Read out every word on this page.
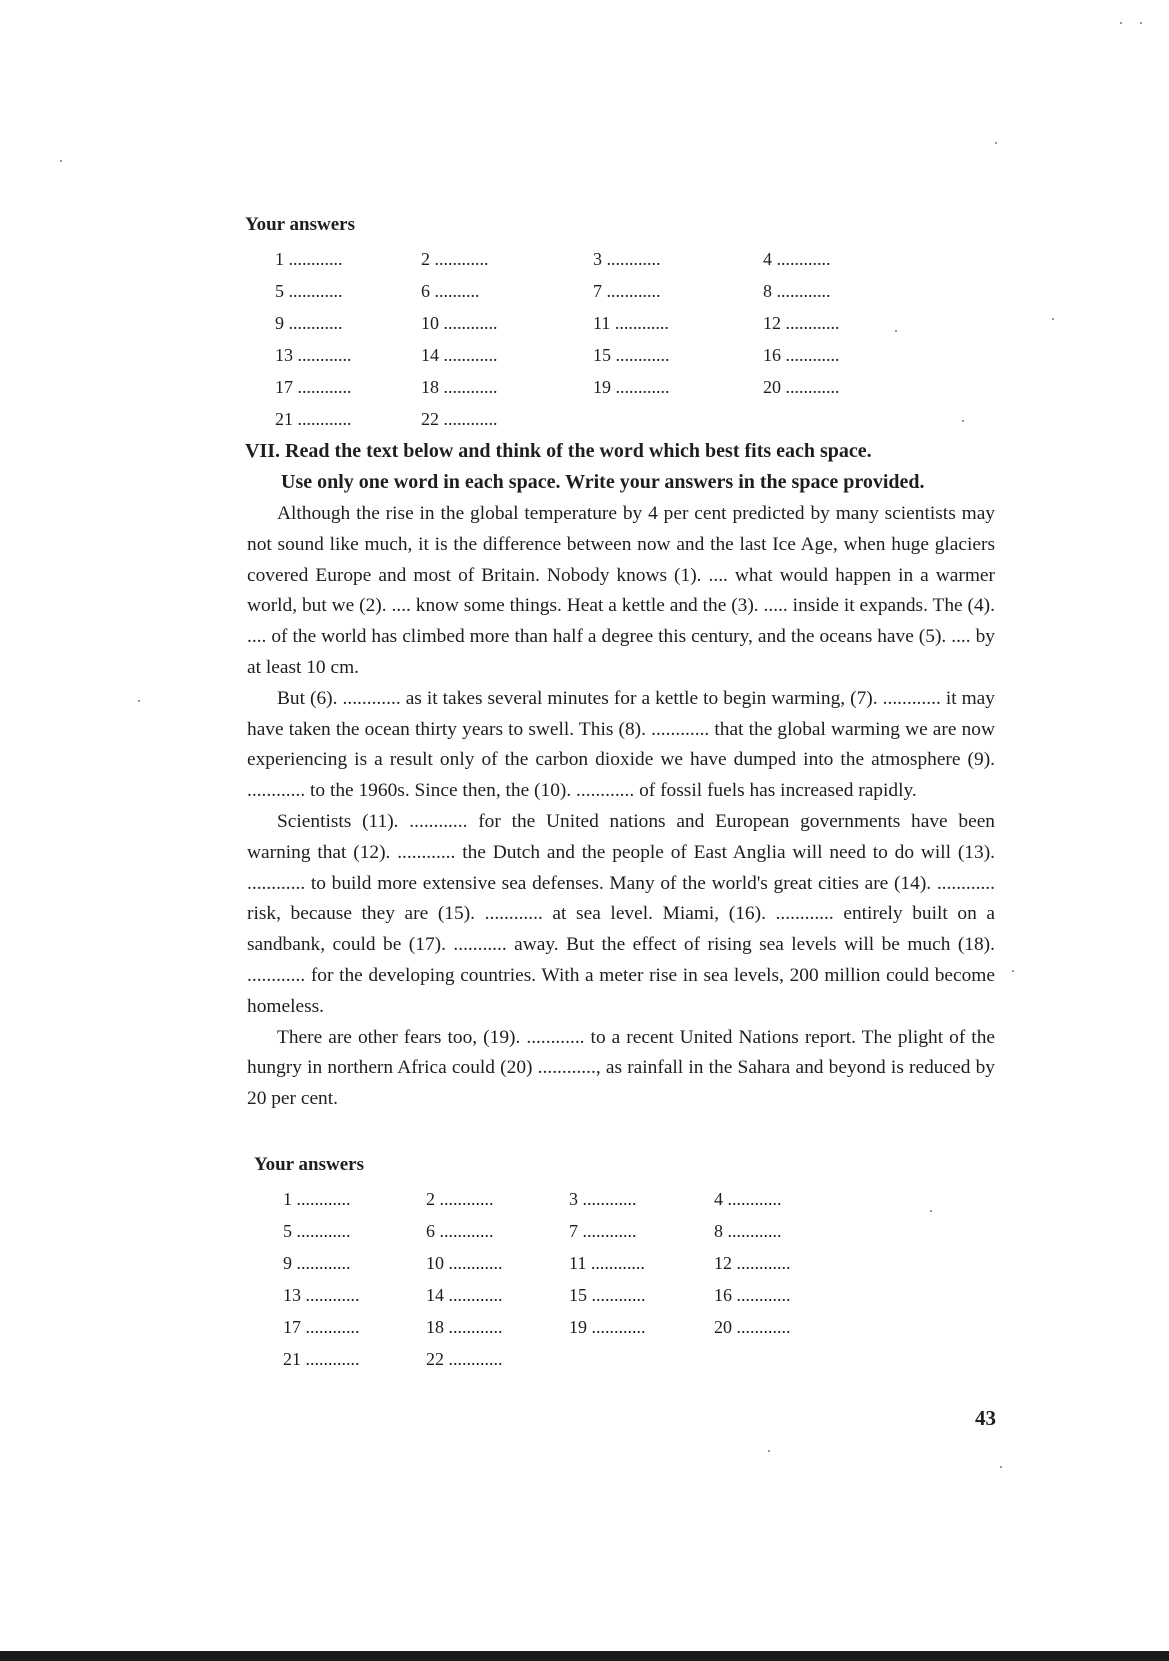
Your answers
1 ............	2 ............	3 ............	4 ............
5 ............	6 ..........	7 ............	8 ............
9 ............	10 ............	11 ............	12 ............
13 ............	14 ............	15 ............	16 ............
17 ............	18 ............	19 ............	20 ............
21 ............	22 ............
VII. Read the text below and think of the word which best fits each space.
Use only one word in each space. Write your answers in the space provided.

Although the rise in the global temperature by 4 per cent predicted by many scientists may not sound like much, it is the difference between now and the last Ice Age, when huge glaciers covered Europe and most of Britain. Nobody knows (1). .... what would happen in a warmer world, but we (2). .... know some things. Heat a kettle and the (3). ..... inside it expands. The (4). .... of the world has climbed more than half a degree this century, and the oceans have (5). .... by at least 10 cm.

But (6). ............ as it takes several minutes for a kettle to begin warming, (7). ............ it may have taken the ocean thirty years to swell. This (8). ............ that the global warming we are now experiencing is a result only of the carbon dioxide we have dumped into the atmosphere (9). ............ to the 1960s. Since then, the (10). ............ of fossil fuels has increased rapidly.

Scientists (11). ............ for the United nations and European governments have been warning that (12). ............ the Dutch and the people of East Anglia will need to do will (13). ............ to build more extensive sea defenses. Many of the world's great cities are (14). ............ risk, because they are (15). ............ at sea level. Miami, (16). ............ entirely built on a sandbank, could be (17). ........... away. But the effect of rising sea levels will be much (18). ............ for the developing countries. With a meter rise in sea levels, 200 million could become homeless.

There are other fears too, (19). ............ to a recent United Nations report. The plight of the hungry in northern Africa could (20) ............, as rainfall in the Sahara and beyond is reduced by 20 per cent.

Your answers
1 ............	2 ............	3 ............	4 ............
5 ............	6 ............	7 ............	8 ............
9 ............	10 ............	11 ............	12 ............
13 ............	14 ............	15 ............	16 ............
17 ............	18 ............	19 ............	20 ............
21 ............	22 ............
43
